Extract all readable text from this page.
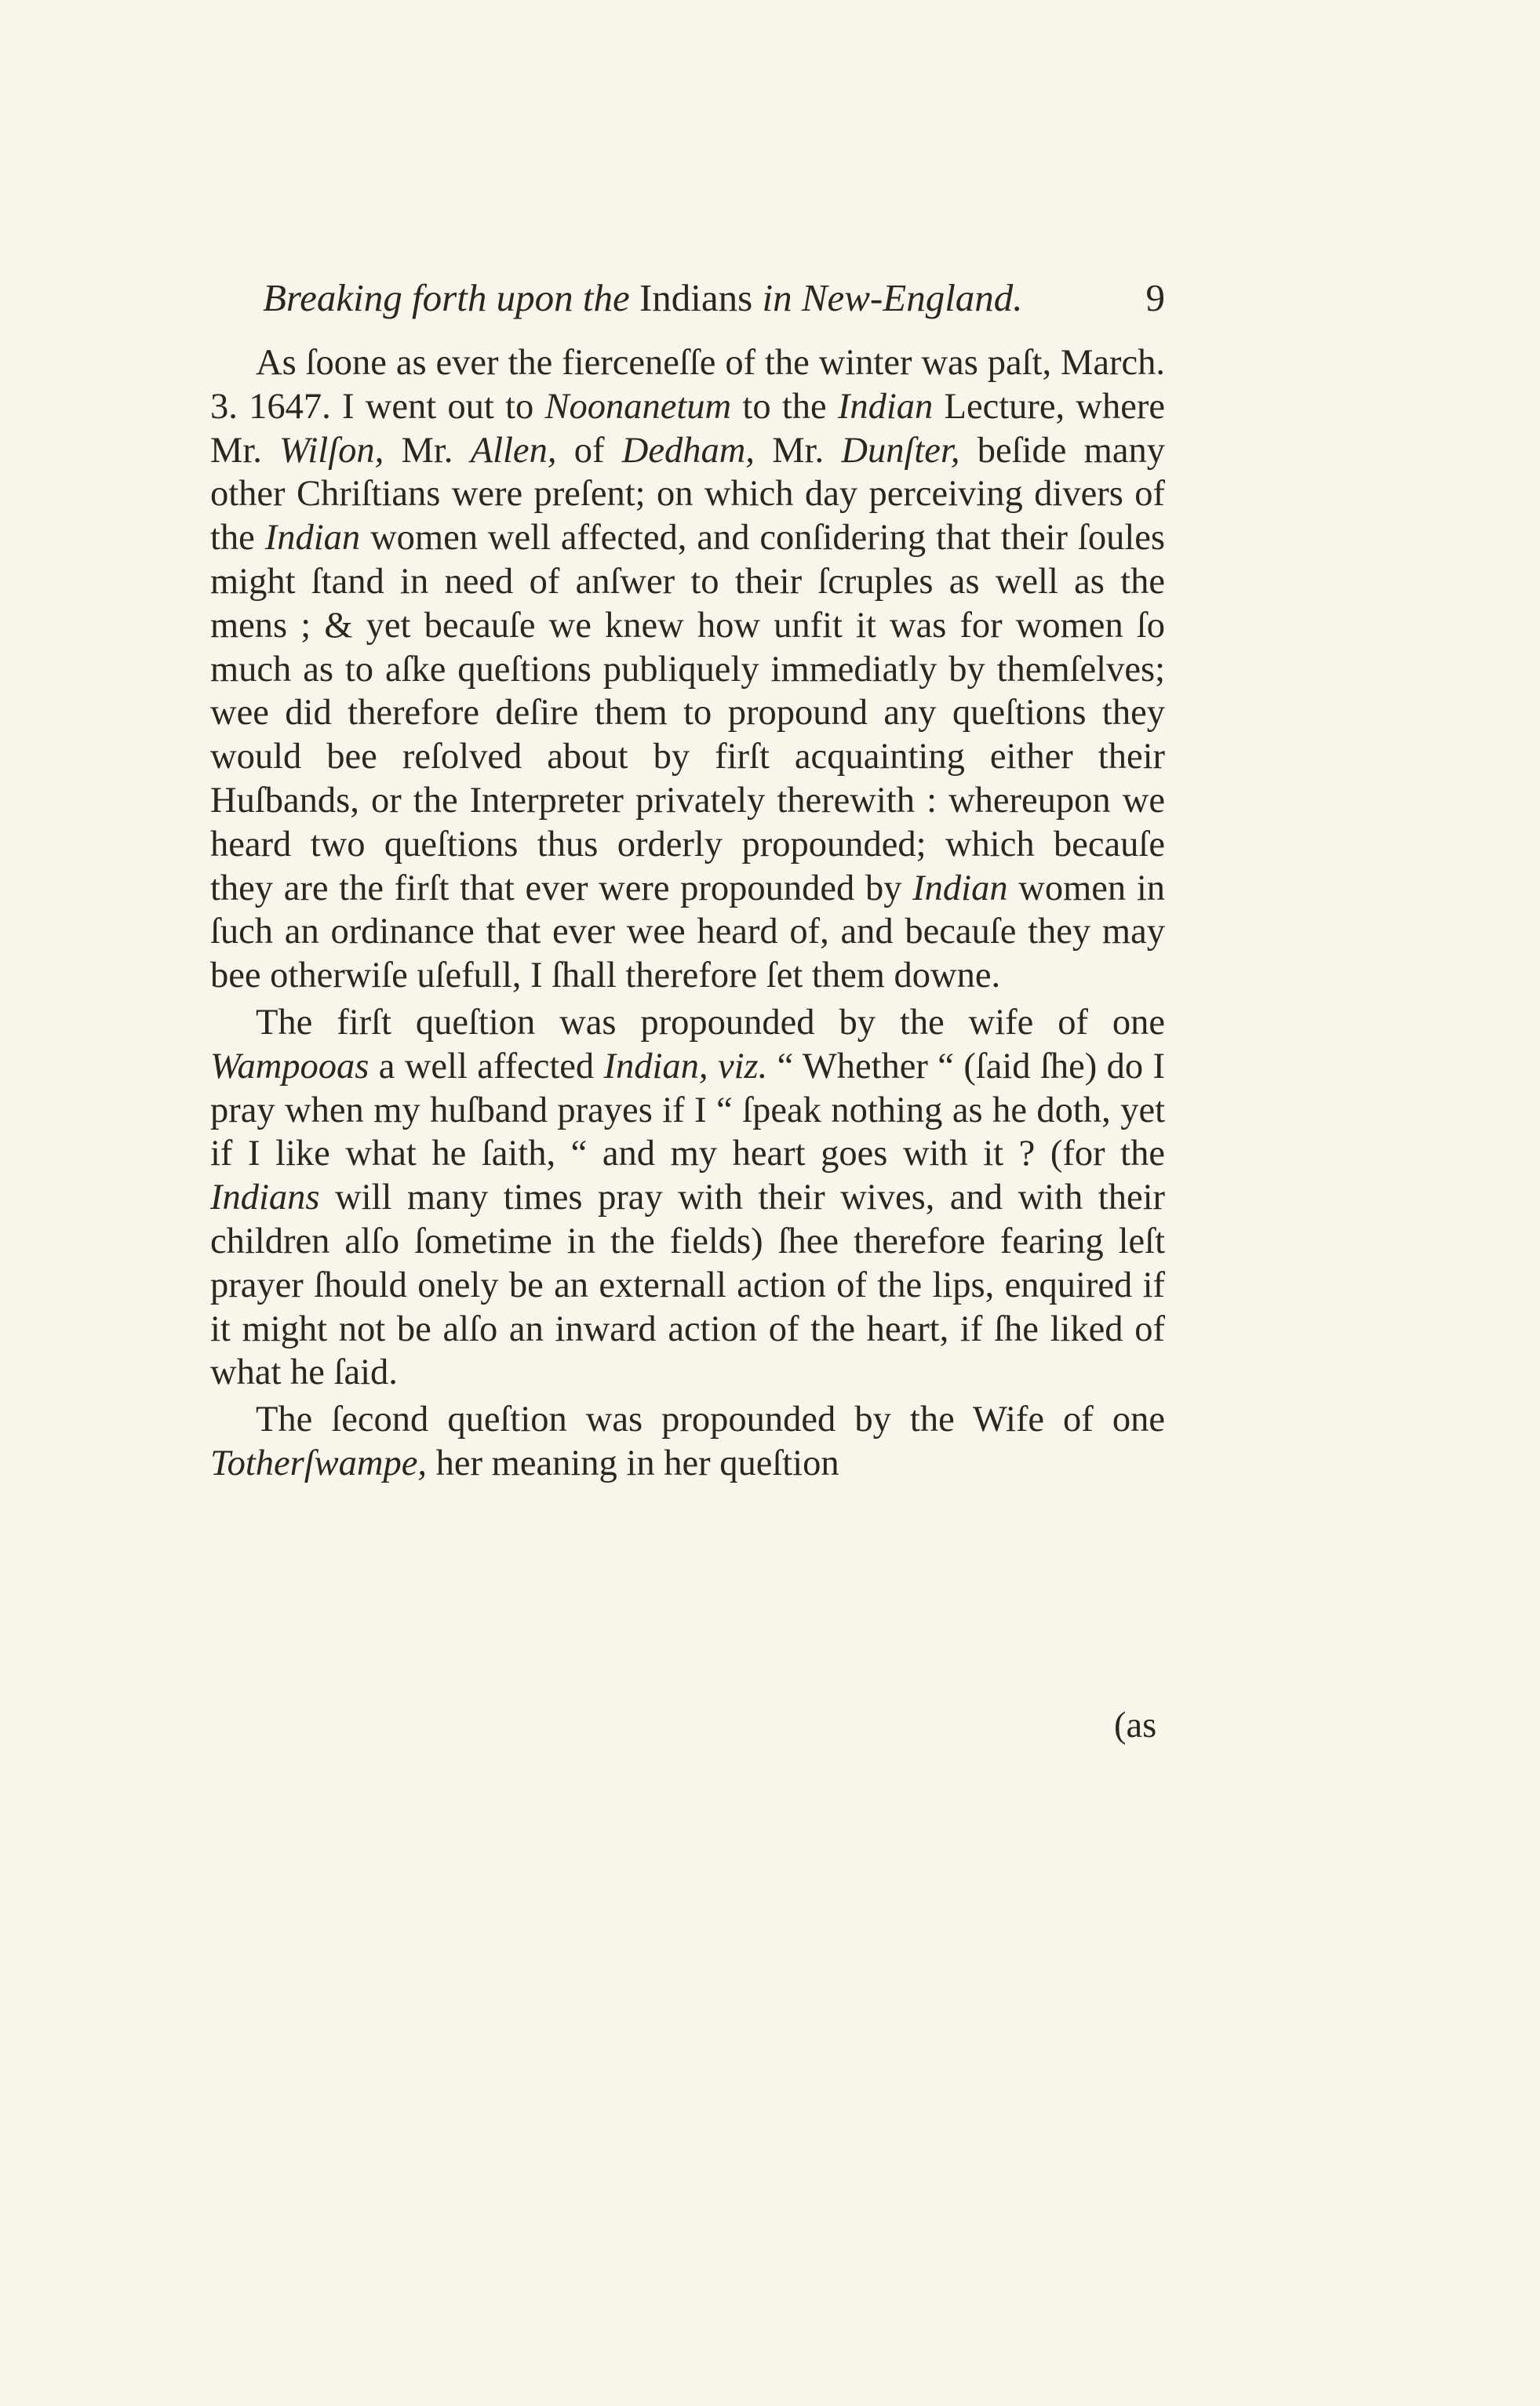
Breaking forth upon the Indians in New-England.	9

As ſoone as ever the fierceneſſe of the winter was paſt, March. 3. 1647. I went out to Noonanetum to the Indian Lecture, where Mr. Wilſon, Mr. Allen, of Dedham, Mr. Dunſter, beſide many other Chriſtians were preſent; on which day perceiving divers of the Indian women well affected, and conſidering that their ſoules might ſtand in need of anſwer to their ſcruples as well as the mens ; & yet becauſe we knew how unfit it was for women ſo much as to aſke queſtions publiquely immediatly by themſelves; wee did therefore deſire them to propound any queſtions they would bee reſolved about by firſt acquainting either their Huſbands, or the Interpreter privately therewith : whereupon we heard two queſtions thus orderly propounded; which becauſe they are the firſt that ever were propounded by Indian women in ſuch an ordinance that ever wee heard of, and becauſe they may bee otherwiſe uſefull, I ſhall therefore ſet them downe.

The firſt queſtion was propounded by the wife of one Wampooas a well affected Indian, viz. “ Whether “ (ſaid ſhe) do I pray when my huſband prayes if I “ ſpeak nothing as he doth, yet if I like what he ſaith, “ and my heart goes with it ? (for the Indians will many times pray with their wives, and with their children alſo ſometime in the fields) ſhee therefore fearing leſt prayer ſhould onely be an externall action of the lips, enquired if it might not be alſo an inward action of the heart, if ſhe liked of what he ſaid.

The ſecond queſtion was propounded by the Wife of one Totherſwampe, her meaning in her queſtion

(as
